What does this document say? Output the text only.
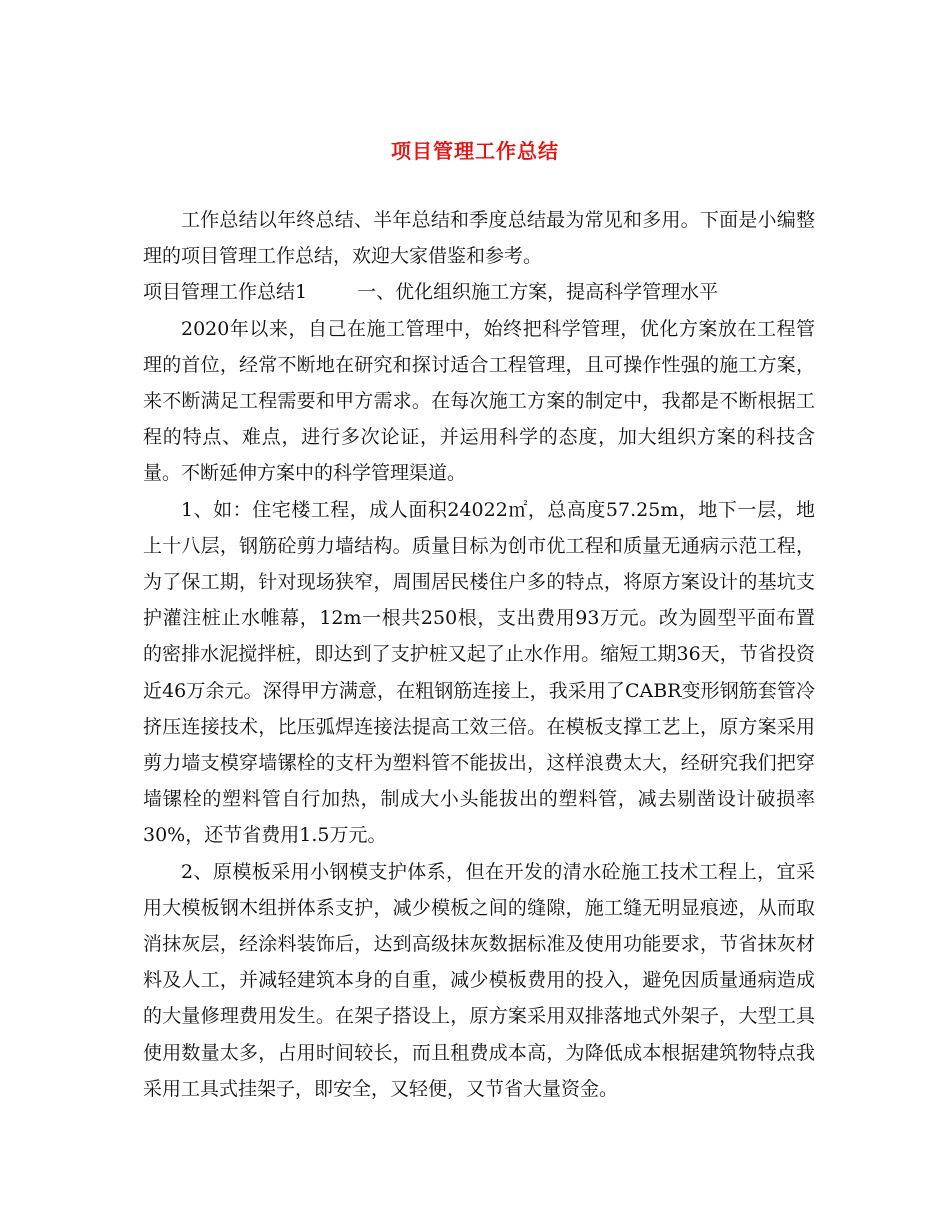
项目管理工作总结

工作总结以年终总结、半年总结和季度总结最为常见和多用。下面是小编整理的项目管理工作总结，欢迎大家借鉴和参考。

项目管理工作总结1	一、优化组织施工方案，提高科学管理水平

2020年以来，自己在施工管理中，始终把科学管理，优化方案放在工程管理的首位，经常不断地在研究和探讨适合工程管理，且可操作性强的施工方案，来不断满足工程需要和甲方需求。在每次施工方案的制定中，我都是不断根据工程的特点、难点，进行多次论证，并运用科学的态度，加大组织方案的科技含量。不断延伸方案中的科学管理渠道。

1、如：住宅楼工程，成人面积24022㎡，总高度57.25m，地下一层，地上十八层，钢筋砼剪力墙结构。质量目标为创市优工程和质量无通病示范工程，为了保工期，针对现场狭窄，周围居民楼住户多的特点，将原方案设计的基坑支护灌注桩止水帷幕，12m一根共250根，支出费用93万元。改为圆型平面布置的密排水泥搅拌桩，即达到了支护桩又起了止水作用。缩短工期36天，节省投资近46万余元。深得甲方满意，在粗钢筋连接上，我采用了CABR变形钢筋套管冷挤压连接技术，比压弧焊连接法提高工效三倍。在模板支撑工艺上，原方案采用剪力墙支模穿墙镙栓的支杆为塑料管不能拔出，这样浪费太大，经研究我们把穿墙镙栓的塑料管自行加热，制成大小头能拔出的塑料管，减去剔凿设计破损率30%，还节省费用1.5万元。

2、原模板采用小钢模支护体系，但在开发的清水砼施工技术工程上，宜采用大模板钢木组拼体系支护，减少模板之间的缝隙，施工缝无明显痕迹，从而取消抹灰层，经涂料装饰后，达到高级抹灰数据标准及使用功能要求，节省抹灰材料及人工，并减轻建筑本身的自重，减少模板费用的投入，避免因质量通病造成的大量修理费用发生。在架子搭设上，原方案采用双排落地式外架子，大型工具使用数量太多，占用时间较长，而且租费成本高，为降低成本根据建筑物特点我采用工具式挂架子，即安全，又轻便，又节省大量资金。
